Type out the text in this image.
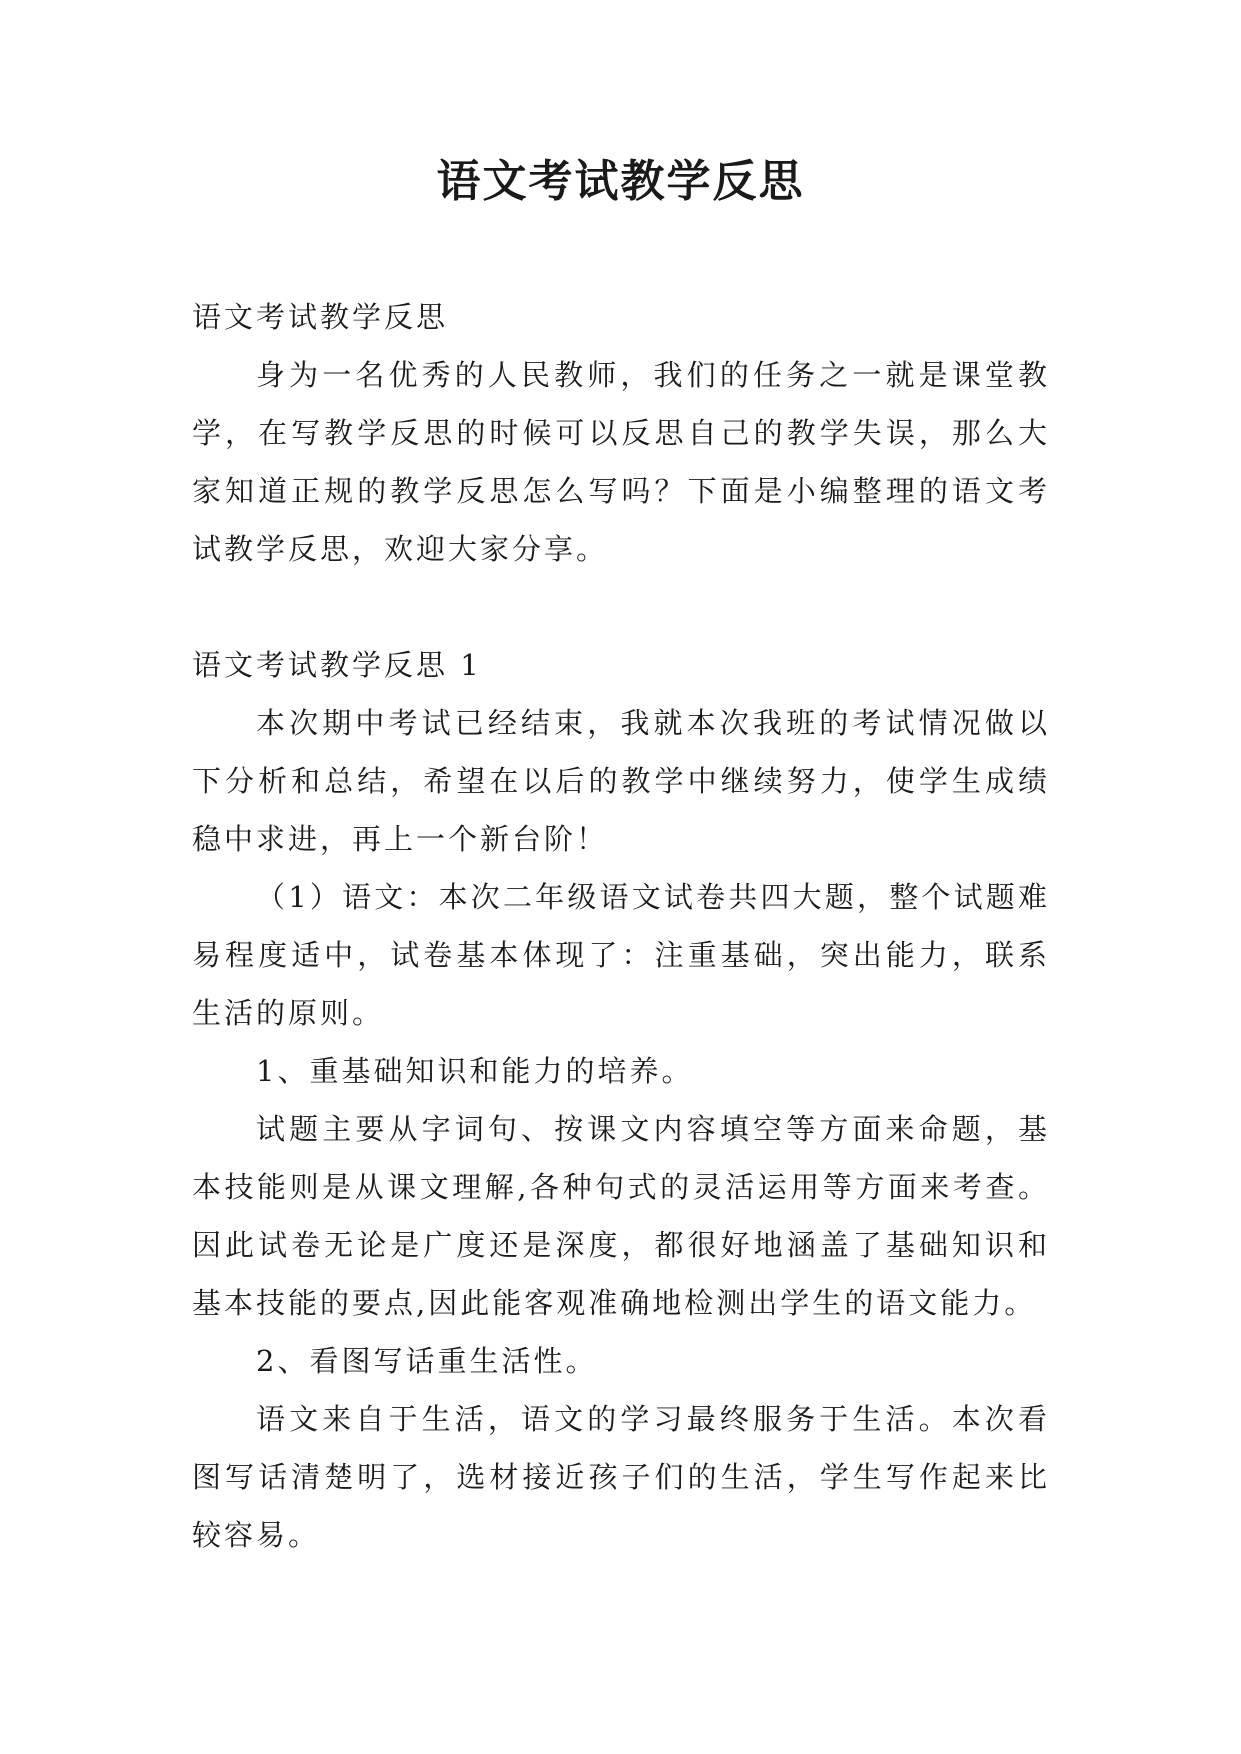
语文考试教学反思

语文考试教学反思

身为一名优秀的人民教师，我们的任务之一就是课堂教学，在写教学反思的时候可以反思自己的教学失误，那么大家知道正规的教学反思怎么写吗？下面是小编整理的语文考试教学反思，欢迎大家分享。

语文考试教学反思 1

本次期中考试已经结束，我就本次我班的考试情况做以下分析和总结，希望在以后的教学中继续努力，使学生成绩稳中求进，再上一个新台阶！

（1）语文：本次二年级语文试卷共四大题，整个试题难易程度适中，试卷基本体现了：注重基础，突出能力，联系生活的原则。

1、重基础知识和能力的培养。

试题主要从字词句、按课文内容填空等方面来命题，基本技能则是从课文理解,各种句式的灵活运用等方面来考查。因此试卷无论是广度还是深度，都很好地涵盖了基础知识和基本技能的要点,因此能客观准确地检测出学生的语文能力。

2、看图写话重生活性。

语文来自于生活，语文的学习最终服务于生活。本次看图写话清楚明了，选材接近孩子们的生活，学生写作起来比较容易。
